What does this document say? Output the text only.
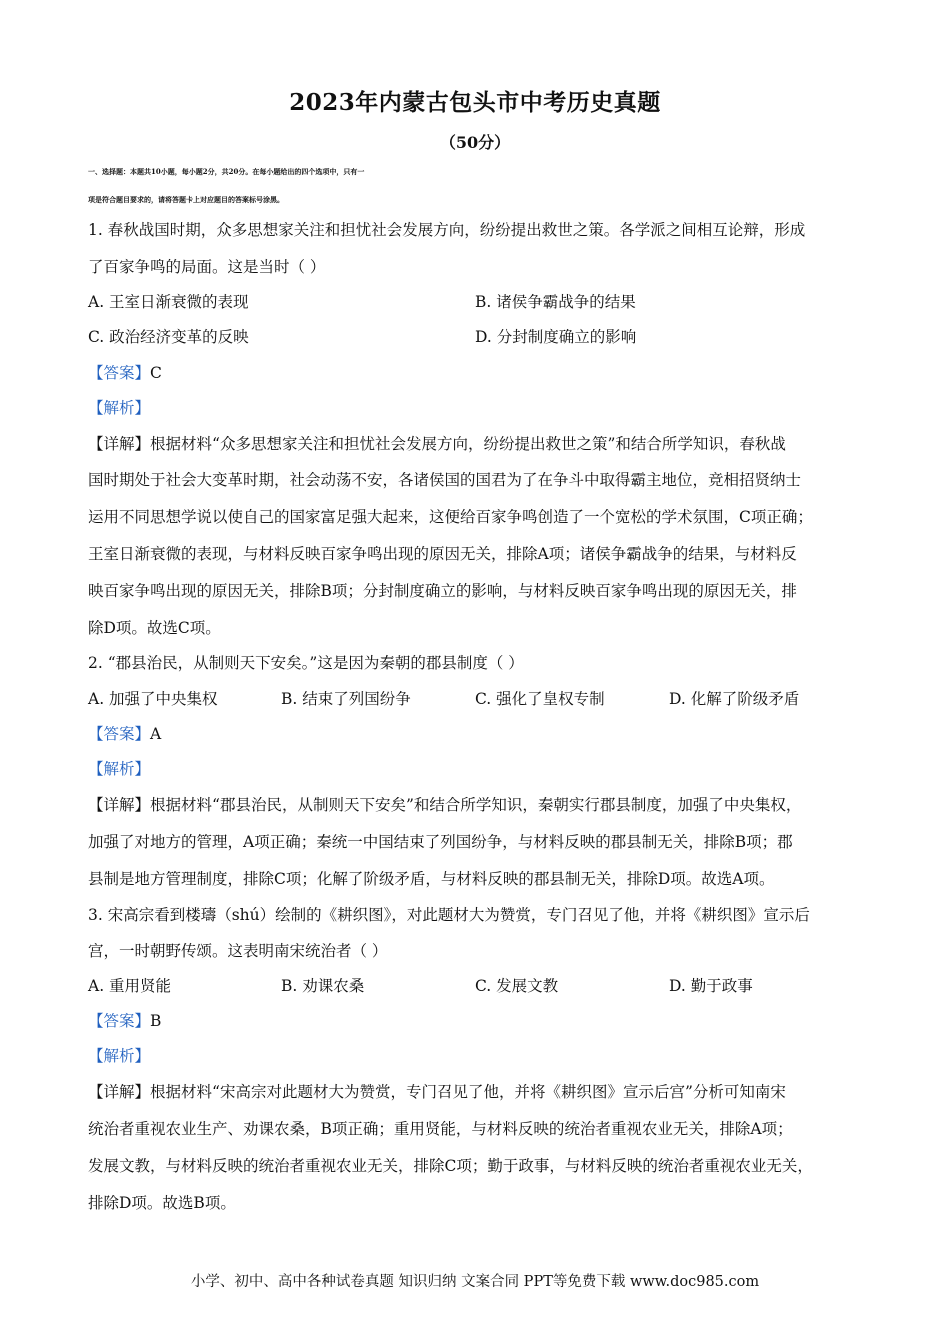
2023年内蒙古包头市中考历史真题
（50分）
一、选择题：本题共10小题，每小题2分，共20分。在每小题给出的四个选项中，只有一
项是符合题目要求的，请将答题卡上对应题目的答案标号涂黑。
1. 春秋战国时期，众多思想家关注和担忧社会发展方向，纷纷提出救世之策。各学派之间相互论辩，形成
了百家争鸣的局面。这是当时（ ）
A. 王室日渐衰微的表现	B. 诸侯争霸战争的结果
C. 政治经济变革的反映	D. 分封制度确立的影响
【答案】C
【解析】
【详解】根据材料“众多思想家关注和担忧社会发展方向，纷纷提出救世之策”和结合所学知识，春秋战
国时期处于社会大变革时期，社会动荡不安，各诸侯国的国君为了在争斗中取得霸主地位，竞相招贤纳士
运用不同思想学说以使自己的国家富足强大起来，这便给百家争鸣创造了一个宽松的学术氛围，C项正确；
王室日渐衰微的表现，与材料反映百家争鸣出现的原因无关，排除A项；诸侯争霸战争的结果，与材料反
映百家争鸣出现的原因无关，排除B项；分封制度确立的影响，与材料反映百家争鸣出现的原因无关，排
除D项。故选C项。
2. “郡县治民，从制则天下安矣。”这是因为秦朝的郡县制度（ ）
A. 加强了中央集权	B. 结束了列国纷争	C. 强化了皇权专制	D. 化解了阶级矛盾
【答案】A
【解析】
【详解】根据材料“郡县治民，从制则天下安矣”和结合所学知识，秦朝实行郡县制度，加强了中央集权，
加强了对地方的管理，A项正确；秦统一中国结束了列国纷争，与材料反映的郡县制无关，排除B项；郡
县制是地方管理制度，排除C项；化解了阶级矛盾，与材料反映的郡县制无关，排除D项。故选A项。
3. 宋高宗看到楼璹（shú）绘制的《耕织图》，对此题材大为赞赏，专门召见了他，并将《耕织图》宣示后
宫，一时朝野传颂。这表明南宋统治者（ ）
A. 重用贤能	B. 劝课农桑	C. 发展文教	D. 勤于政事
【答案】B
【解析】
【详解】根据材料“宋高宗对此题材大为赞赏，专门召见了他，并将《耕织图》宣示后宫”分析可知南宋
统治者重视农业生产、劝课农桑，B项正确；重用贤能，与材料反映的统治者重视农业无关，排除A项；
发展文教，与材料反映的统治者重视农业无关，排除C项；勤于政事，与材料反映的统治者重视农业无关，
排除D项。故选B项。
小学、初中、高中各种试卷真题 知识归纳 文案合同 PPT等免费下载 www.doc985.com
